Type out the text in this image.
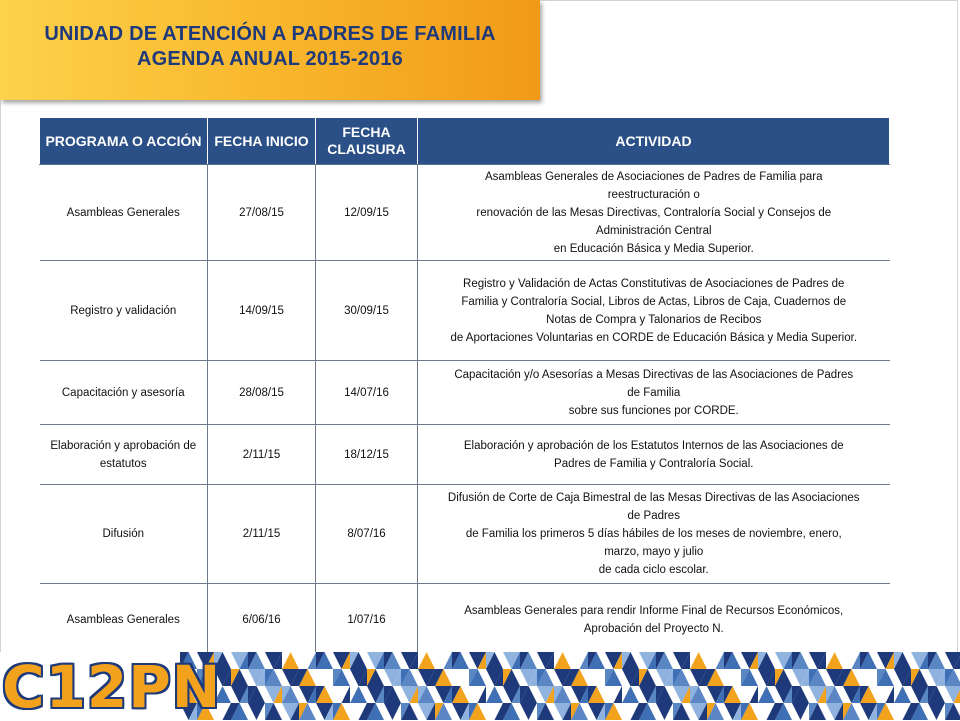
UNIDAD DE ATENCIÓN A PADRES DE FAMILIA
AGENDA ANUAL 2015-2016
PROGRAMA O ACCIÓN	FECHA INICIO	FECHA CLAUSURA	ACTIVIDAD
Asambleas Generales	27/08/15	12/09/15	Asambleas Generales de Asociaciones de Padres de Familia para
reestructuración o
renovación de las Mesas Directivas, Contraloría Social y Consejos de
Administración Central
en Educación Básica y Media Superior.

Registro y validación	14/09/15	30/09/15	Registro y Validación de Actas Constitutivas de Asociaciones de Padres de
Familia y Contraloría Social, Libros de Actas, Libros de Caja, Cuadernos de
Notas de Compra y Talonarios de Recibos
de Aportaciones Voluntarias en CORDE de Educación Básica y Media Superior.

Capacitación y asesoría	28/08/15	14/07/16	Capacitación y/o Asesorías a Mesas Directivas de las Asociaciones de Padres
de Familia
sobre sus funciones por CORDE.

Elaboración y aprobación de estatutos	2/11/15	18/12/15	Elaboración y aprobación de los Estatutos Internos de las Asociaciones de
Padres de Familia y Contraloría Social.

Difusión	2/11/15	8/07/16	Difusión de Corte de Caja Bimestral de las Mesas Directivas de las Asociaciones
de Padres
de Familia los primeros 5 días hábiles de los meses de noviembre, enero,
marzo, mayo y julio
de cada ciclo escolar.

Asambleas Generales	6/06/16	1/07/16	Asambleas Generales para rendir Informe Final de Recursos Económicos,
Aprobación del Proyecto N.
C12PN
